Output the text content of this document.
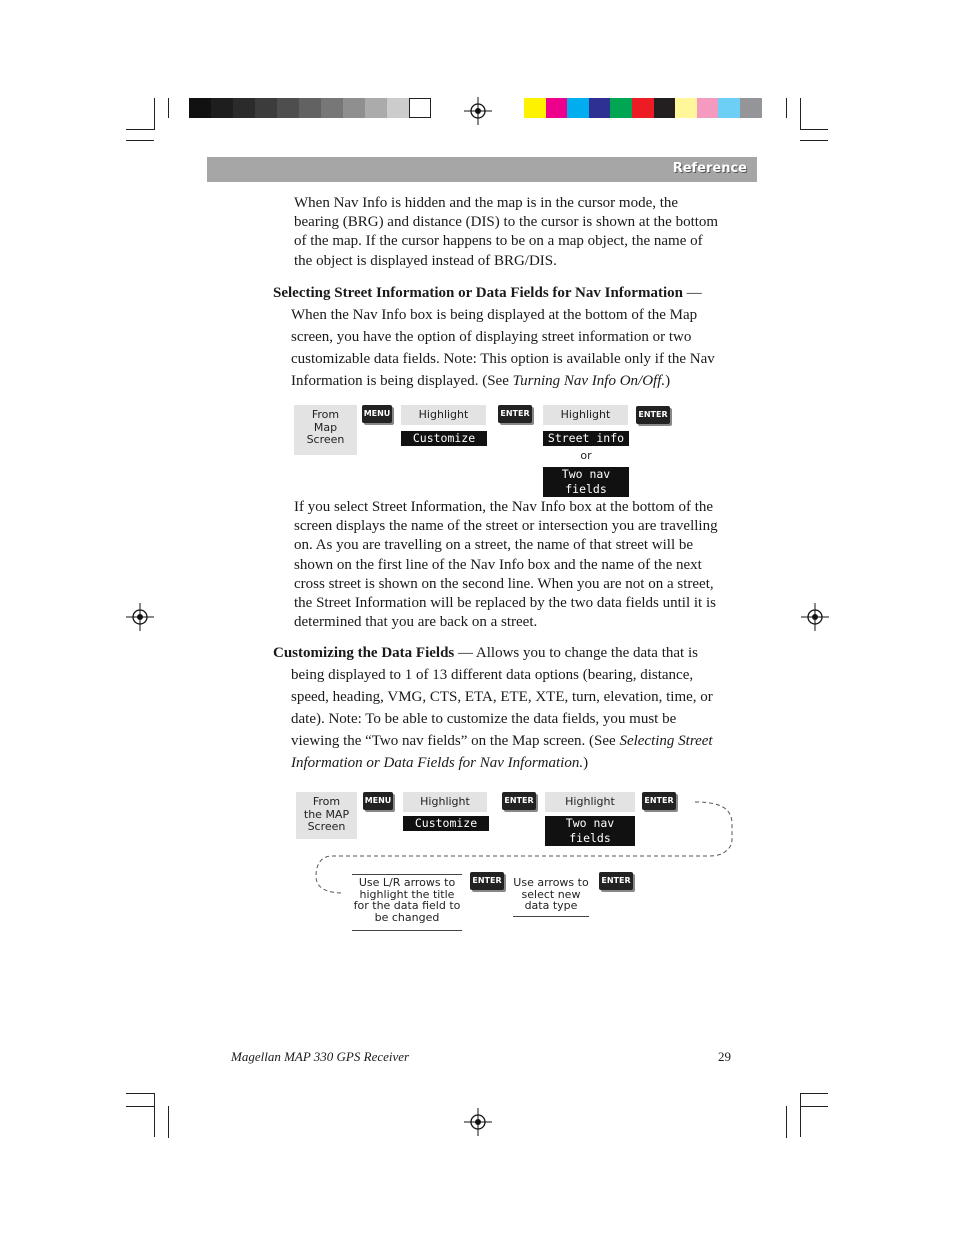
Reference
When Nav Info is hidden and the map is in the cursor mode, the
bearing (BRG) and distance (DIS) to the cursor is shown at the bottom
of the map. If the cursor happens to be on a map object, the name of
the object is displayed instead of BRG/DIS.
Selecting Street Information or Data Fields for Nav Information —
When the Nav Info box is being displayed at the bottom of the Map
screen, you have the option of displaying street information or two
customizable data fields. Note: This option is available only if the Nav
Information is being displayed. (See Turning Nav Info On/Off.)
From
Map
Screen
MENU	Highlight
Customize
ENTER	Highlight
Street info
or
Two nav fields
ENTER
If you select Street Information, the Nav Info box at the bottom of the
screen displays the name of the street or intersection you are travelling
on. As you are travelling on a street, the name of that street will be
shown on the first line of the Nav Info box and the name of the next
cross street is shown on the second line. When you are not on a street,
the Street Information will be replaced by the two data fields until it is
determined that you are back on a street.
Customizing the Data Fields — Allows you to change the data that is
being displayed to 1 of 13 different data options (bearing, distance,
speed, heading, VMG, CTS, ETA, ETE, XTE, turn, elevation, time, or
date). Note: To be able to customize the data fields, you must be
viewing the “Two nav fields” on the Map screen. (See Selecting Street
Information or Data Fields for Nav Information.)
From
the MAP
Screen
MENU	Highlight
Customize
ENTER	Highlight
Two nav fields
ENTER
Use L/R arrows to
highlight the title
for the data field to
be changed
ENTER Use arrows to
select new
data type
ENTER
Magellan MAP 330 GPS Receiver	29
